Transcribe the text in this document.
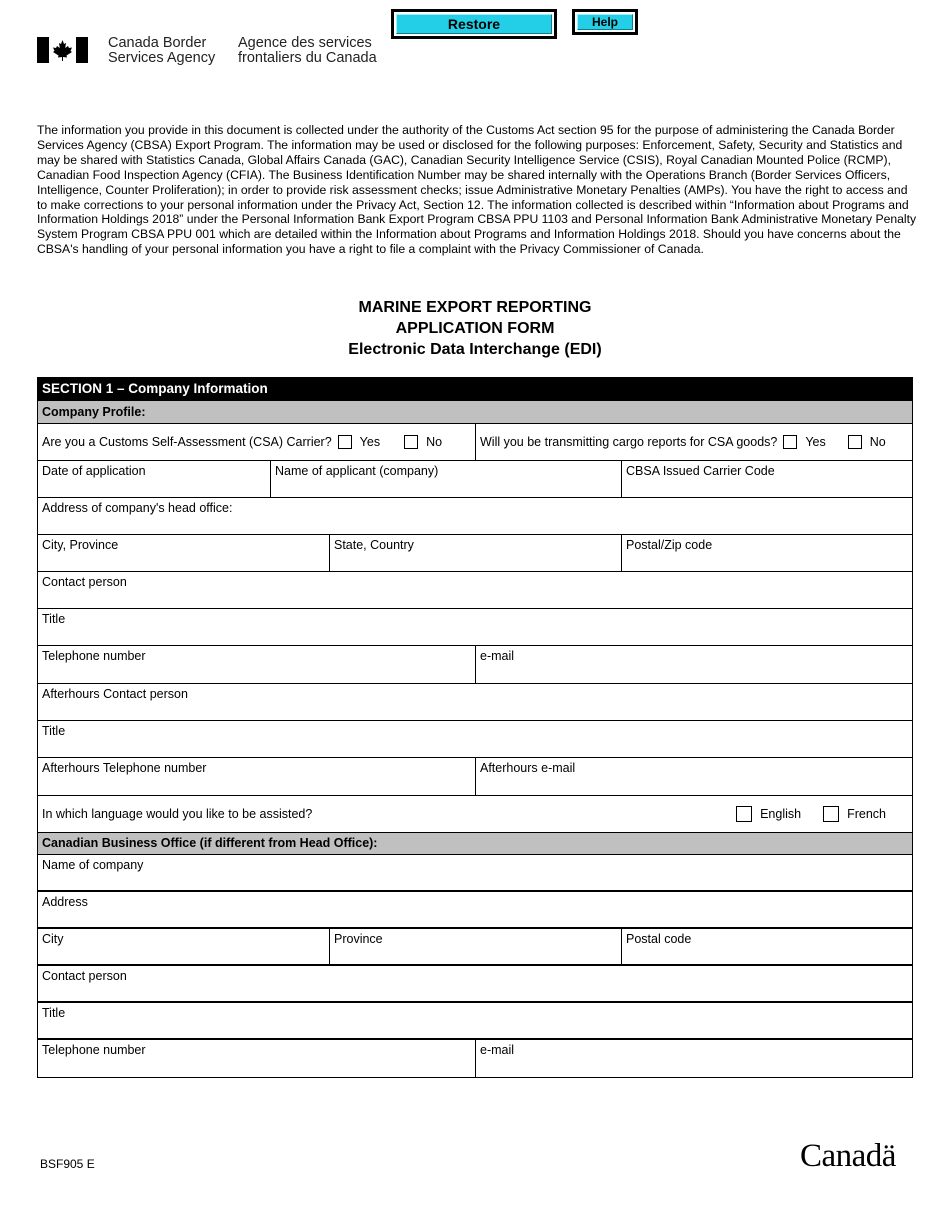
Canada Border
Services Agency
Agence des services
frontaliers du Canada
Restore	Help
The information you provide in this document is collected under the authority of the Customs Act section 95 for the purpose of administering the Canada Border Services Agency (CBSA) Export Program. The information may be used or disclosed for the following purposes: Enforcement, Safety, Security and Statistics and may be shared with Statistics Canada, Global Affairs Canada (GAC), Canadian Security Intelligence Service (CSIS), Royal Canadian Mounted Police (RCMP), Canadian Food Inspection Agency (CFIA). The Business Identification Number may be shared internally with the Operations Branch (Border Services Officers, Intelligence, Counter Proliferation); in order to provide risk assessment checks; issue Administrative Monetary Penalties (AMPs). You have the right to access and to make corrections to your personal information under the Privacy Act, Section 12. The information collected is described within “Information about Programs and Information Holdings 2018” under the Personal Information Bank Export Program CBSA PPU 1103 and Personal Information Bank Administrative Monetary Penalty System Program CBSA PPU 001 which are detailed within the Information about Programs and Information Holdings 2018. Should you have concerns about the CBSA's handling of your personal information you have a right to file a complaint with the Privacy Commissioner of Canada.
MARINE EXPORT REPORTING
APPLICATION FORM
Electronic Data Interchange (EDI)
SECTION 1 – Company Information
Company Profile:
Are you a Customs Self-Assessment (CSA) Carrier? Yes	No	Will you be transmitting cargo reports for CSA goods? Yes	No
Date of application	Name of applicant (company)	CBSA Issued Carrier Code
Address of company's head office:
City, Province	State, Country	Postal/Zip code
Contact person
Title
Telephone number	e-mail
Afterhours Contact person
Title
Afterhours Telephone number	Afterhours e-mail
In which language would you like to be assisted?	English	French
Canadian Business Office (if different from Head Office):
Name of company
Address
City	Province	Postal code
Contact person
Title
Telephone number	e-mail
BSF905 E	Canadä
